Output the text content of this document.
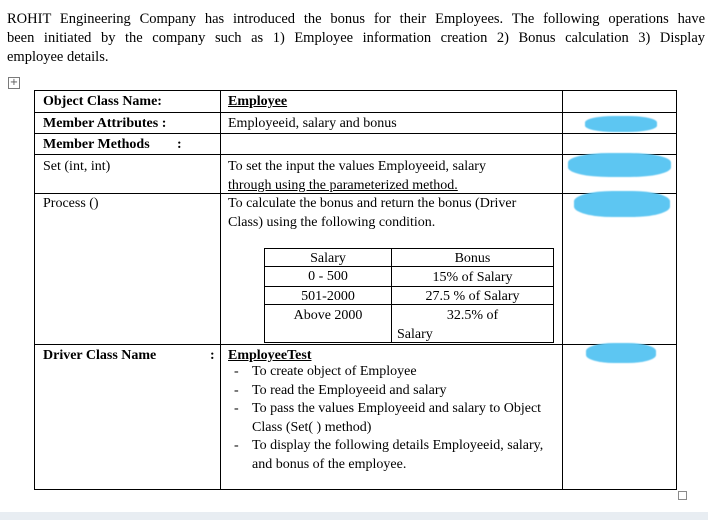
ROHIT Engineering Company has introduced the bonus for their Employees. The following operations have
been initiated by the company such as 1) Employee information creation 2) Bonus calculation 3) Display
employee details.
+
Object Class Name:	Employee
Member Attributes :	Employeeid, salary and bonus
Member Methods :
Set (int, int)	To set the input the values Employeeid, salary
through using the parameterized method.
Process ()	To calculate the bonus and return the bonus (Driver
Class) using the following condition.
Salary	Bonus
0 - 500	15% of Salary
501-2000	27.5 % of Salary
Above 2000	32.5% of
Salary
Driver Class Name	: EmployeeTest
- To create object of Employee
- To read the Employeeid and salary
- To pass the values Employeeid and salary to Object Class (Set( ) method)
- To display the following details Employeeid, salary, and bonus of the employee.
